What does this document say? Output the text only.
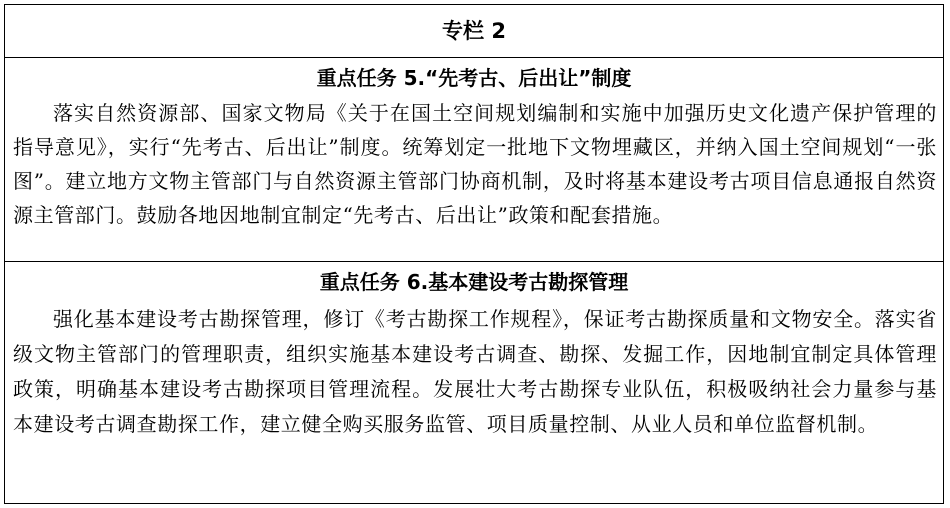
专栏 2
重点任务 5.“先考古、后出让”制度
落实自然资源部、国家文物局《关于在国土空间规划编制和实施中加强历史文化遗产保护管理的指导意见》，实行“先考古、后出让”制度。统筹划定一批地下文物埋藏区，并纳入国土空间规划“一张图”。建立地方文物主管部门与自然资源主管部门协商机制，及时将基本建设考古项目信息通报自然资源主管部门。鼓励各地因地制宜制定“先考古、后出让”政策和配套措施。
重点任务 6.基本建设考古勘探管理
强化基本建设考古勘探管理，修订《考古勘探工作规程》，保证考古勘探质量和文物安全。落实省级文物主管部门的管理职责，组织实施基本建设考古调查、勘探、发掘工作，因地制宜制定具体管理政策，明确基本建设考古勘探项目管理流程。发展壮大考古勘探专业队伍，积极吸纳社会力量参与基本建设考古调查勘探工作，建立健全购买服务监管、项目质量控制、从业人员和单位监督机制。
